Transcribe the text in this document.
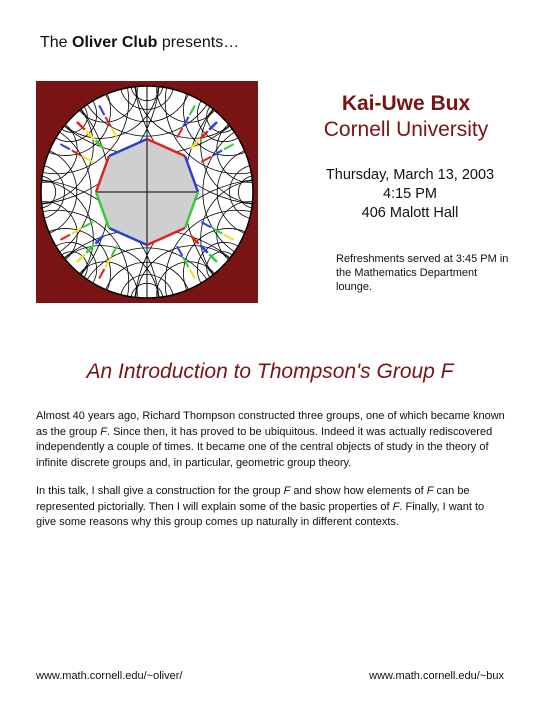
The Oliver Club presents…
Kai-Uwe Bux
Cornell University
Thursday, March 13, 2003
4:15 PM
406 Malott Hall
Refreshments served at 3:45 PM in the Mathematics Department lounge.
An Introduction to Thompson's Group F
Almost 40 years ago, Richard Thompson constructed three groups, one of which became known as the group F. Since then, it has proved to be ubiquitous. Indeed it was actually rediscovered independently a couple of times. It became one of the central objects of study in the theory of infinite discrete groups and, in particular, geometric group theory.
In this talk, I shall give a construction for the group F and show how elements of F can be represented pictorially. Then I will explain some of the basic properties of F. Finally, I want to give some reasons why this group comes up naturally in different contexts.
www.math.cornell.edu/~oliver/	www.math.cornell.edu/~bux
